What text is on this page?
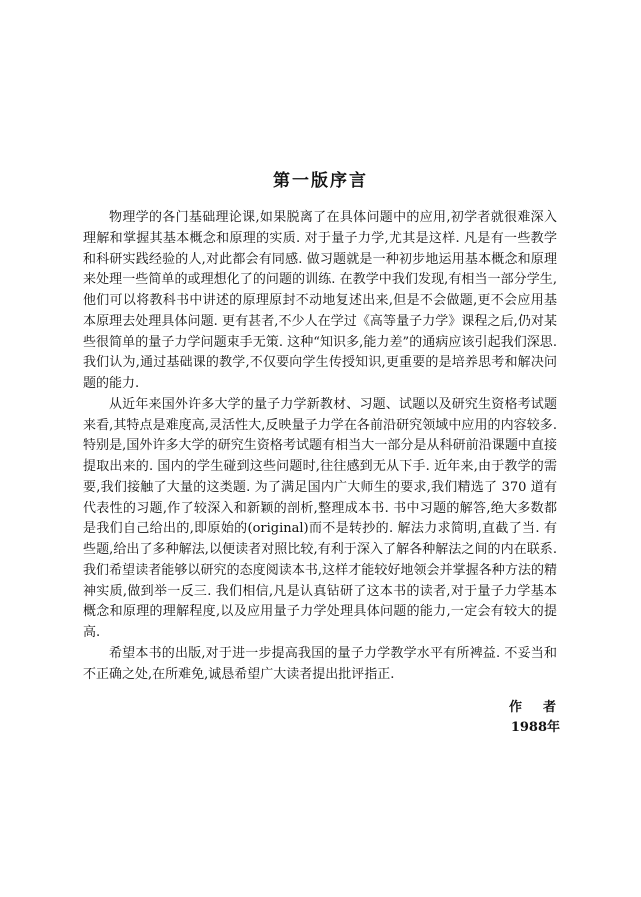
第一版序言

物理学的各门基础理论课,如果脱离了在具体问题中的应用,初学者就很难深入理解和掌握其基本概念和原理的实质. 对于量子力学,尤其是这样. 凡是有一些教学和科研实践经验的人,对此都会有同感. 做习题就是一种初步地运用基本概念和原理来处理一些简单的或理想化了的问题的训练. 在教学中我们发现,有相当一部分学生,他们可以将教科书中讲述的原理原封不动地复述出来,但是不会做题,更不会应用基本原理去处理具体问题. 更有甚者,不少人在学过《高等量子力学》课程之后,仍对某些很简单的量子力学问题束手无策. 这种“知识多,能力差”的通病应该引起我们深思. 我们认为,通过基础课的教学,不仅要向学生传授知识,更重要的是培养思考和解决问题的能力.

从近年来国外许多大学的量子力学新教材、习题、试题以及研究生资格考试题来看,其特点是难度高,灵活性大,反映量子力学在各前沿研究领域中应用的内容较多. 特别是,国外许多大学的研究生资格考试题有相当大一部分是从科研前沿课题中直接提取出来的. 国内的学生碰到这些问题时,往往感到无从下手. 近年来,由于教学的需要,我们接触了大量的这类题. 为了满足国内广大师生的要求,我们精选了 370 道有代表性的习题,作了较深入和新颖的剖析,整理成本书. 书中习题的解答,绝大多数都是我们自己给出的,即原始的(original)而不是转抄的. 解法力求简明,直截了当. 有些题,给出了多种解法,以便读者对照比较,有利于深入了解各种解法之间的内在联系. 我们希望读者能够以研究的态度阅读本书,这样才能较好地领会并掌握各种方法的精神实质,做到举一反三. 我们相信,凡是认真钻研了这本书的读者,对于量子力学基本概念和原理的理解程度,以及应用量子力学处理具体问题的能力,一定会有较大的提高.

希望本书的出版,对于进一步提高我国的量子力学教学水平有所裨益. 不妥当和不正确之处,在所难免,诚恳希望广大读者提出批评指正.

作　者
1988年
